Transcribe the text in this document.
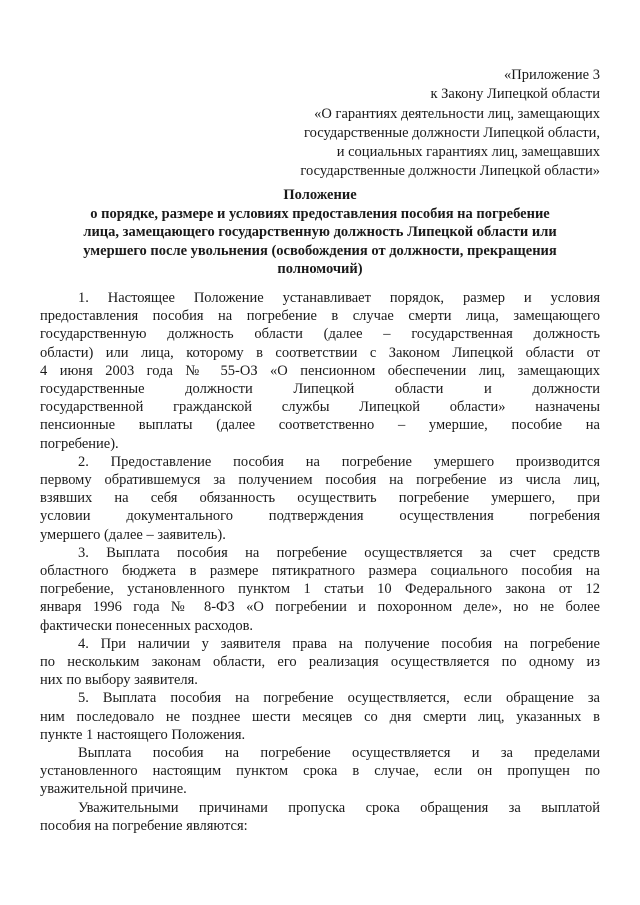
«Приложение 3
к Закону Липецкой области
«О гарантиях деятельности лиц, замещающих
государственные должности Липецкой области,
и социальных гарантиях лиц, замещавших
государственные должности Липецкой области»
Положение
о порядке, размере и условиях предоставления пособия на погребение
лица, замещающего государственную должность Липецкой области или
умершего после увольнения (освобождения от должности, прекращения
полномочий)
1. Настоящее Положение устанавливает порядок, размер и условия
предоставления пособия на погребение в случае смерти лица, замещающего
государственную должность области (далее – государственная должность
области) или лица, которому в соответствии с Законом Липецкой области от
4 июня 2003 года № 55-ОЗ «О пенсионном обеспечении лиц, замещающих
государственные должности Липецкой области и должности
государственной гражданской службы Липецкой области» назначены
пенсионные выплаты (далее соответственно – умершие, пособие на
погребение).
2. Предоставление пособия на погребение умершего производится
первому обратившемуся за получением пособия на погребение из числа лиц,
взявших на себя обязанность осуществить погребение умершего, при
условии документального подтверждения осуществления погребения
умершего (далее – заявитель).
3. Выплата пособия на погребение осуществляется за счет средств
областного бюджета в размере пятикратного размера социального пособия на
погребение, установленного пунктом 1 статьи 10 Федерального закона от 12
января 1996 года № 8-ФЗ «О погребении и похоронном деле», но не более
фактически понесенных расходов.
4. При наличии у заявителя права на получение пособия на погребение
по нескольким законам области, его реализация осуществляется по одному из
них по выбору заявителя.
5. Выплата пособия на погребение осуществляется, если обращение за
ним последовало не позднее шести месяцев со дня смерти лиц, указанных в
пункте 1 настоящего Положения.
Выплата пособия на погребение осуществляется и за пределами
установленного настоящим пунктом срока в случае, если он пропущен по
уважительной причине.
Уважительными причинами пропуска срока обращения за выплатой
пособия на погребение являются:
